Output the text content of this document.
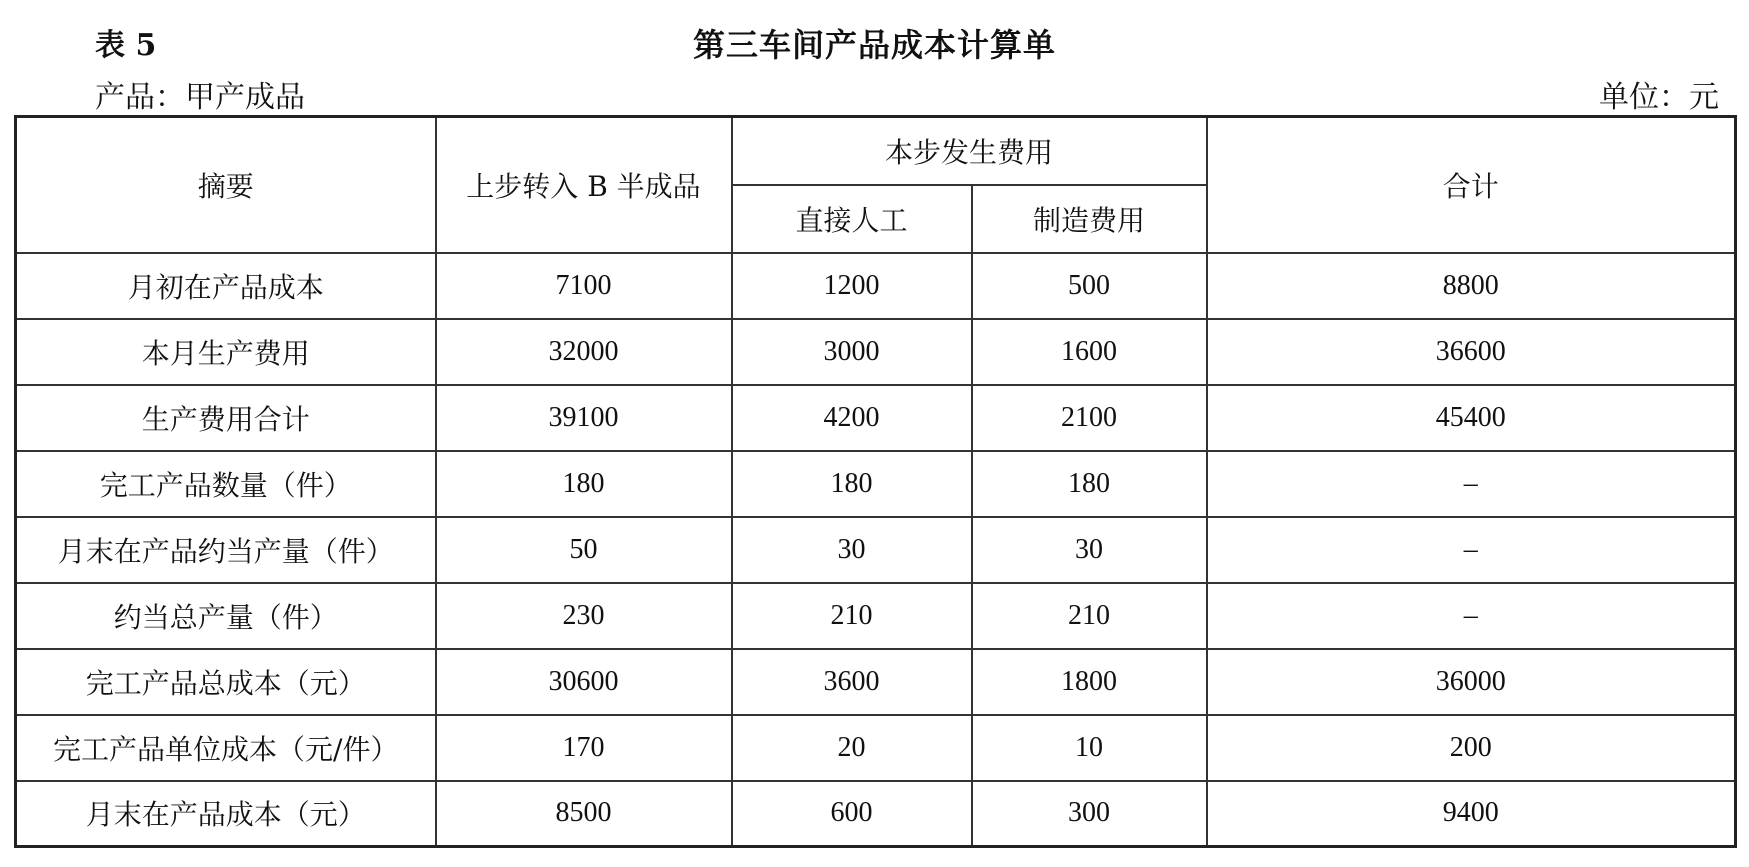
表 5	第三车间产品成本计算单
产品：甲产成品	单位：元
摘要	上步转入 B 半成品	本步发生费用		合计
		直接人工	制造费用	
月初在产品成本	7100	1200	500	8800
本月生产费用	32000	3000	1600	36600
生产费用合计	39100	4200	2100	45400
完工产品数量（件）	180	180	180	–
月末在产品约当产量（件）	50	30	30	–
约当总产量（件）	230	210	210	–
完工产品总成本（元）	30600	3600	1800	36000
完工产品单位成本（元/件）	170	20	10	200
月末在产品成本（元）	8500	600	300	9400
